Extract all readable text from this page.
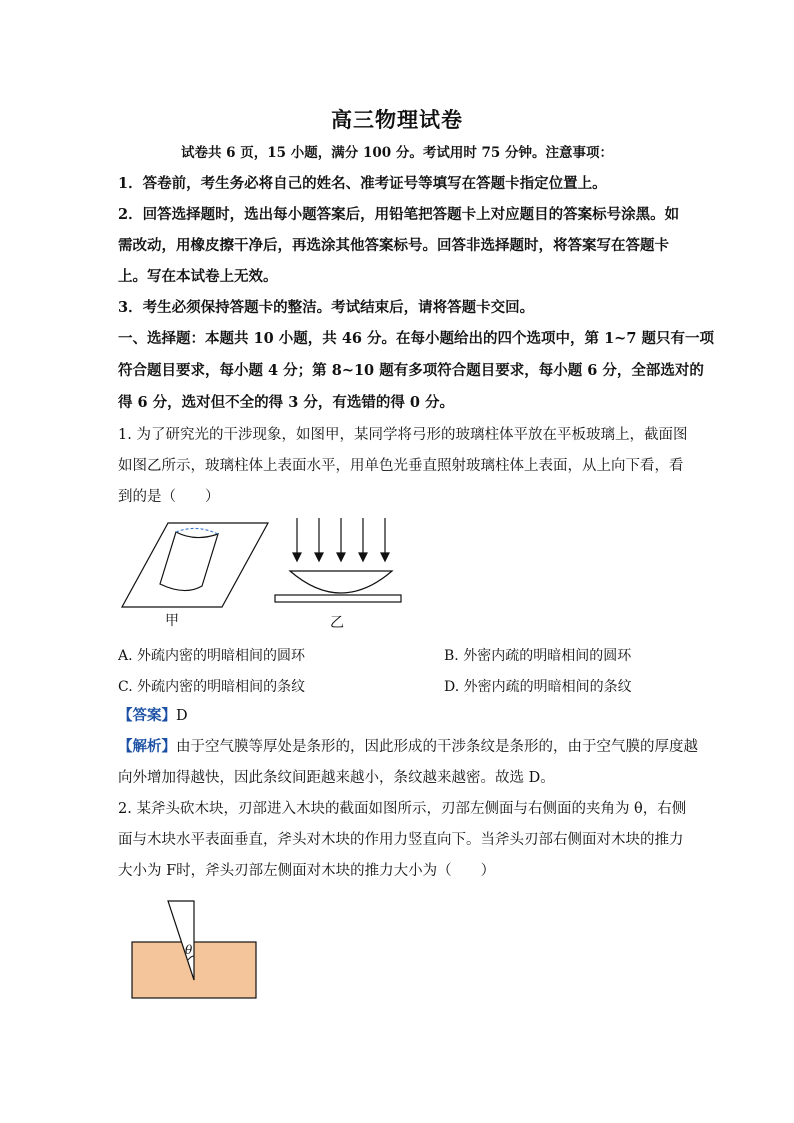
高三物理试卷
试卷共 6 页，15 小题，满分 100 分。考试用时 75 分钟。注意事项：
1．答卷前，考生务必将自己的姓名、准考证号等填写在答题卡指定位置上。
2．回答选择题时，选出每小题答案后，用铅笔把答题卡上对应题目的答案标号涂黑。如
需改动，用橡皮擦干净后，再选涂其他答案标号。回答非选择题时，将答案写在答题卡
上。写在本试卷上无效。
3．考生必须保持答题卡的整洁。考试结束后，请将答题卡交回。
一、选择题：本题共 10 小题，共 46 分。在每小题给出的四个选项中，第 1~7 题只有一项
符合题目要求，每小题 4 分；第 8~10 题有多项符合题目要求，每小题 6 分，全部选对的
得 6 分，选对但不全的得 3 分，有选错的得 0 分。
1. 为了研究光的干涉现象，如图甲，某同学将弓形的玻璃柱体平放在平板玻璃上，截面图
如图乙所示，玻璃柱体上表面水平，用单色光垂直照射玻璃柱体上表面，从上向下看，看
到的是（　　）
甲	乙
A. 外疏内密的明暗相间的圆环	B. 外密内疏的明暗相间的圆环
C. 外疏内密的明暗相间的条纹	D. 外密内疏的明暗相间的条纹
【答案】D
【解析】由于空气膜等厚处是条形的，因此形成的干涉条纹是条形的，由于空气膜的厚度越
向外增加得越快，因此条纹间距越来越小，条纹越来越密。故选 D。
2. 某斧头砍木块，刃部进入木块的截面如图所示，刃部左侧面与右侧面的夹角为 θ，右侧
面与木块水平表面垂直，斧头对木块的作用力竖直向下。当斧头刃部右侧面对木块的推力
大小为 F时，斧头刃部左侧面对木块的推力大小为（　　）
θ
